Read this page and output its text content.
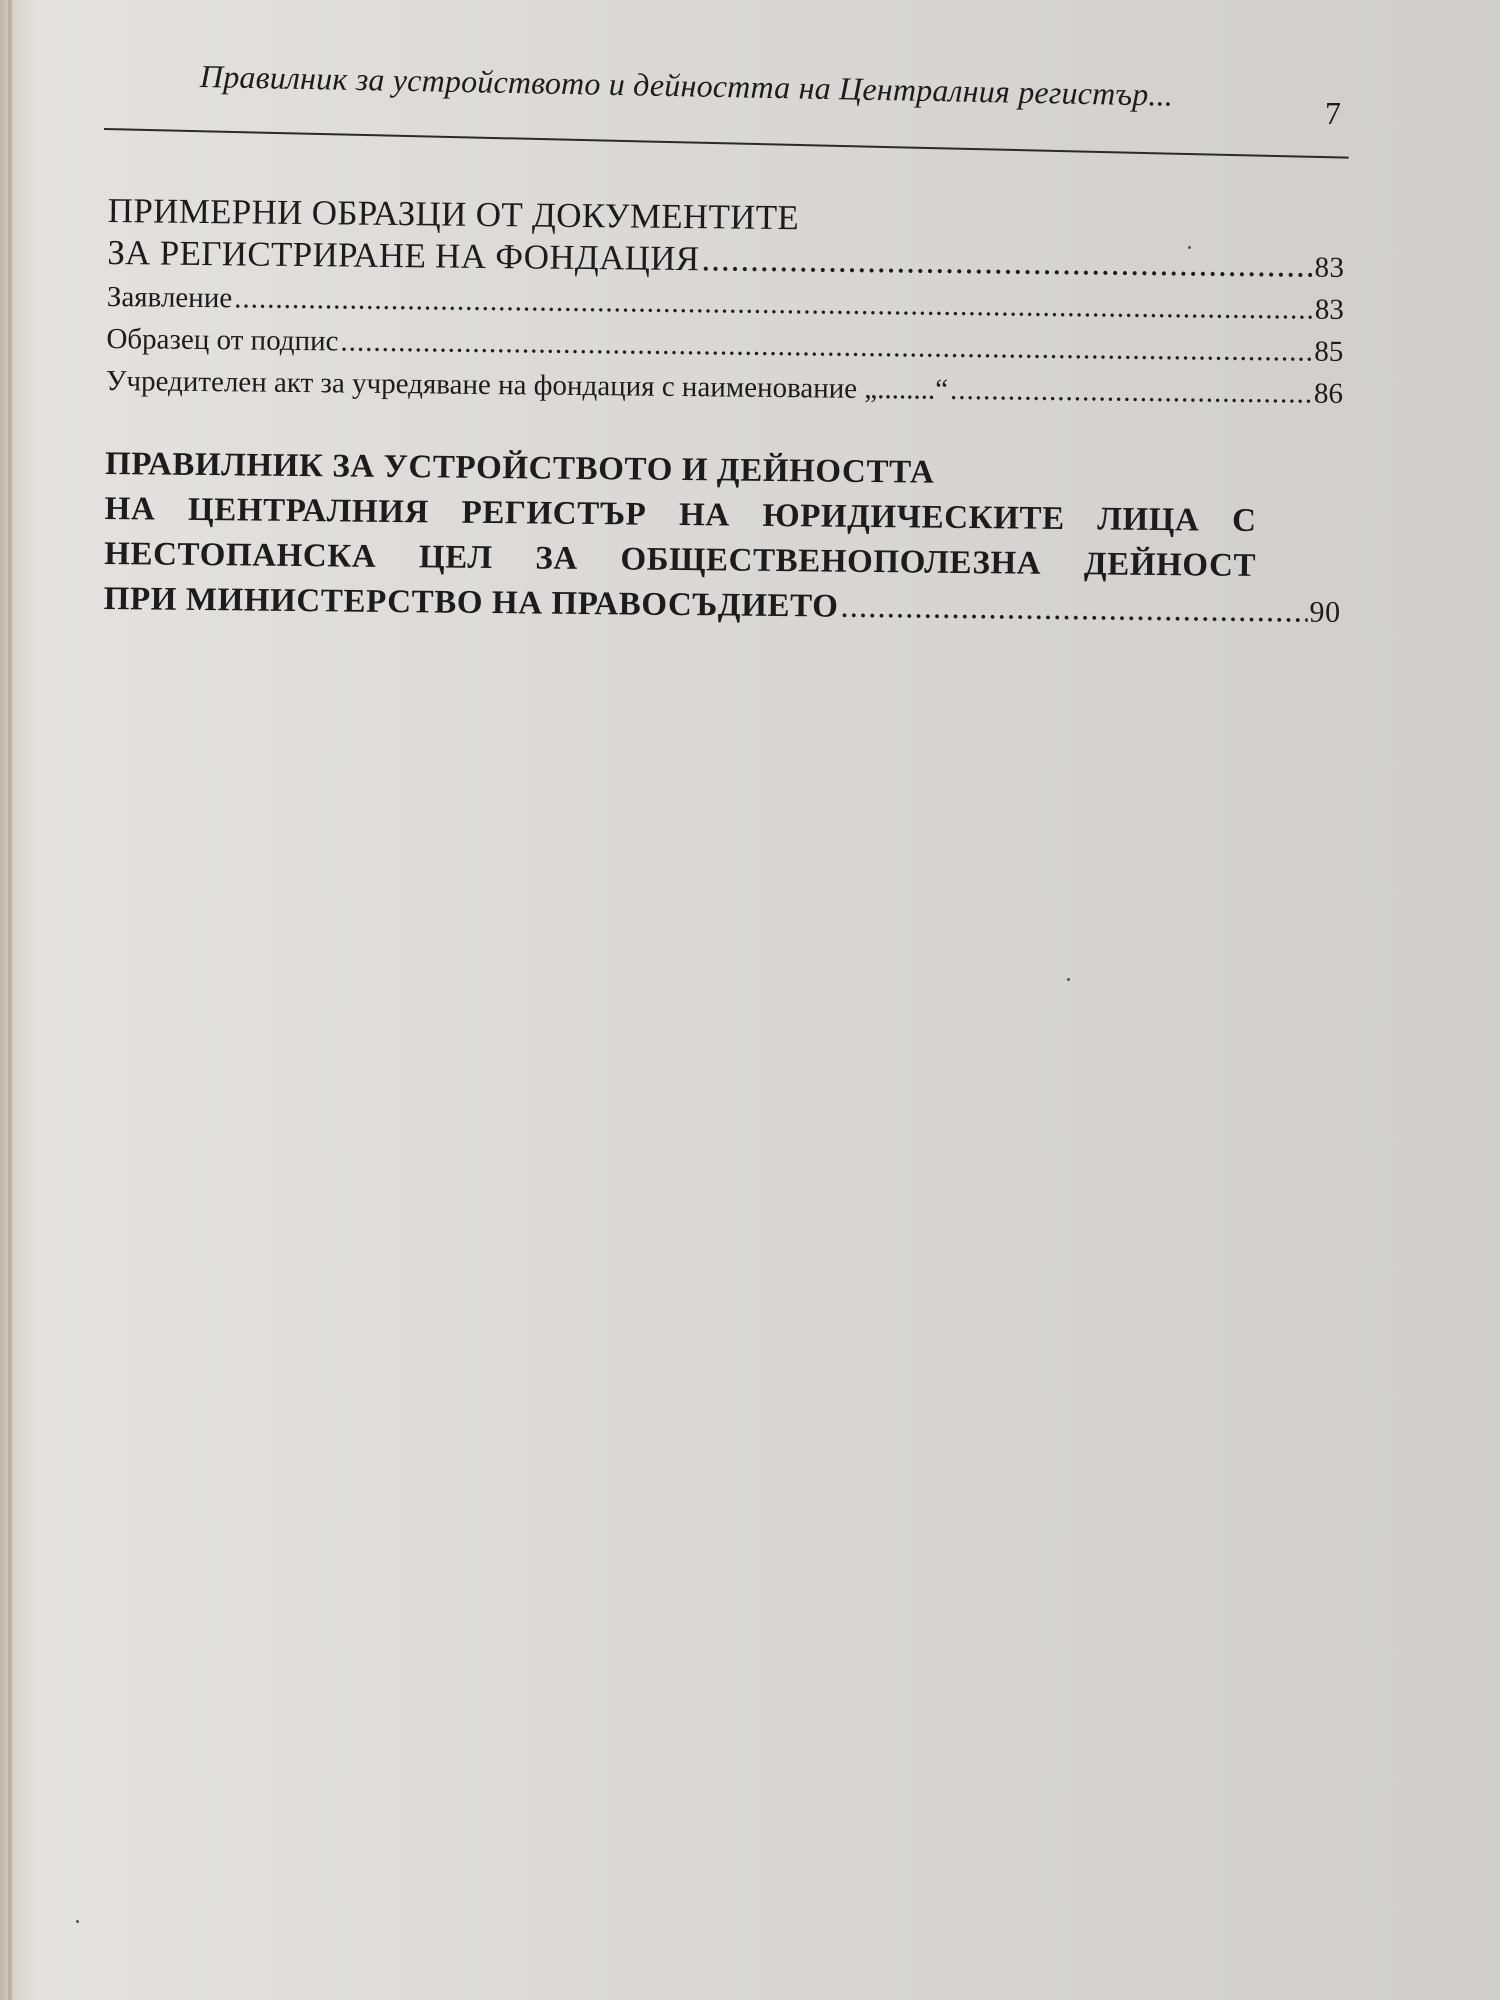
Правилник за устройството и дейността на Централния регистър...
7
ПРИМЕРНИ ОБРАЗЦИ ОТ ДОКУМЕНТИТЕ
ЗА РЕГИСТРИРАНЕ НА ФОНДАЦИЯ .....	83
Заявление .....	83
Образец от подпис .....	85
Учредителен акт за учредяване на фондация с наименование „........“ .....	86
ПРАВИЛНИК ЗА УСТРОЙСТВОТО И ДЕЙНОСТТА
НА ЦЕНТРАЛНИЯ РЕГИСТЪР НА ЮРИДИЧЕСКИТЕ ЛИЦА С
НЕСТОПАНСКА ЦЕЛ ЗА ОБЩЕСТВЕНОПОЛЕЗНА ДЕЙНОСТ
ПРИ МИНИСТЕРСТВО НА ПРАВОСЪДИЕТО .....	90
